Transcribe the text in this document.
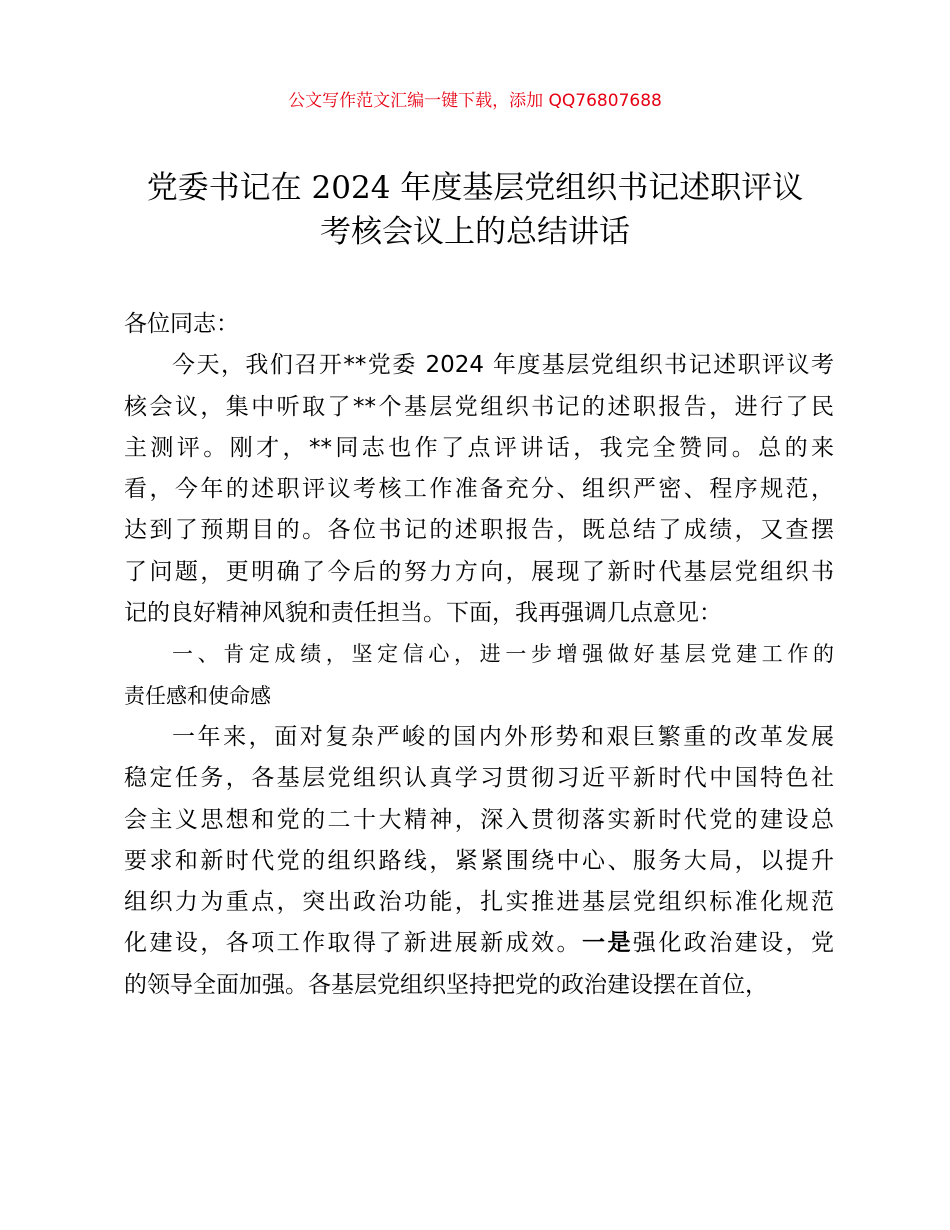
公文写作范文汇编一键下载，添加 QQ76807688
党委书记在 2024 年度基层党组织书记述职评议
考核会议上的总结讲话
各位同志：
今天，我们召开**党委 2024 年度基层党组织书记述职评议考
核会议，集中听取了**个基层党组织书记的述职报告，进行了民
主测评。刚才，**同志也作了点评讲话，我完全赞同。总的来
看，今年的述职评议考核工作准备充分、组织严密、程序规范，
达到了预期目的。各位书记的述职报告，既总结了成绩，又查摆
了问题，更明确了今后的努力方向，展现了新时代基层党组织书
记的良好精神风貌和责任担当。下面，我再强调几点意见：
一、肯定成绩，坚定信心，进一步增强做好基层党建工作的
责任感和使命感
一年来，面对复杂严峻的国内外形势和艰巨繁重的改革发展
稳定任务，各基层党组织认真学习贯彻习近平新时代中国特色社
会主义思想和党的二十大精神，深入贯彻落实新时代党的建设总
要求和新时代党的组织路线，紧紧围绕中心、服务大局，以提升
组织力为重点，突出政治功能，扎实推进基层党组织标准化规范
化建设，各项工作取得了新进展新成效。一是强化政治建设，党
的领导全面加强。各基层党组织坚持把党的政治建设摆在首位，
